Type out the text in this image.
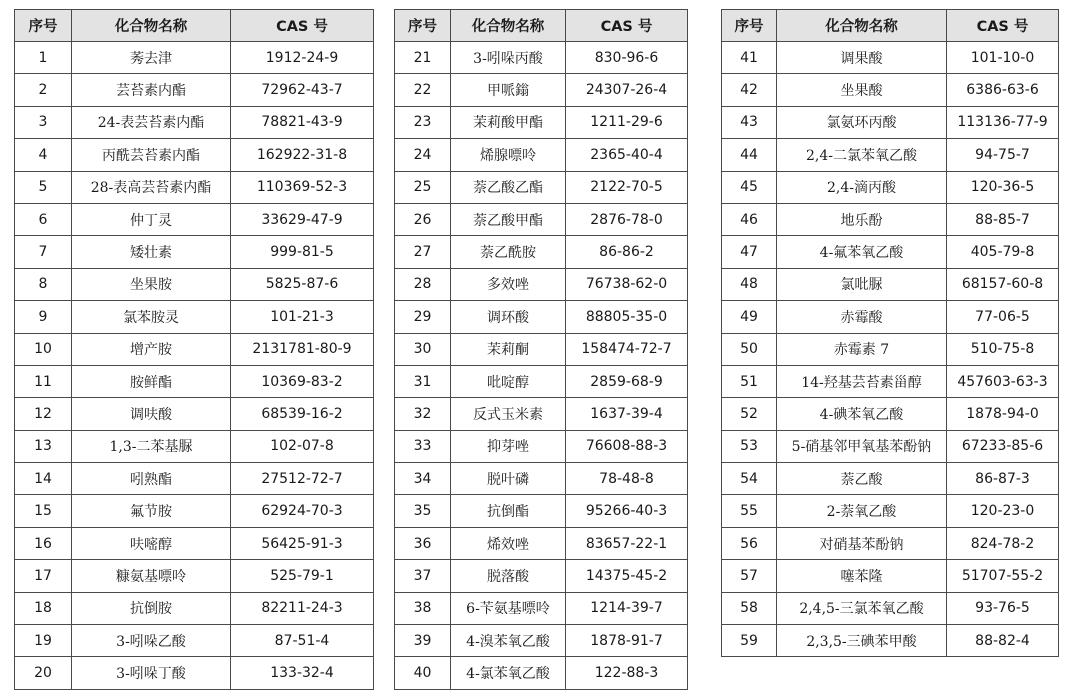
序号	化合物名称	CAS 号
1	莠去津	1912-24-9
2	芸苔素内酯	72962-43-7
3	24-表芸苔素内酯	78821-43-9
4	丙酰芸苔素内酯	162922-31-8
5	28-表高芸苔素内酯	110369-52-3
6	仲丁灵	33629-47-9
7	矮壮素	999-81-5
8	坐果胺	5825-87-6
9	氯苯胺灵	101-21-3
10	增产胺	2131781-80-9
11	胺鲜酯	10369-83-2
12	调呋酸	68539-16-2
13	1,3-二苯基脲	102-07-8
14	吲熟酯	27512-72-7
15	氟节胺	62924-70-3
16	呋嘧醇	56425-91-3
17	糠氨基嘌呤	525-79-1
18	抗倒胺	82211-24-3
19	3-吲哚乙酸	87-51-4
20	3-吲哚丁酸	133-32-4
序号	化合物名称	CAS 号
21	3-吲哚丙酸	830-96-6
22	甲哌鎓	24307-26-4
23	茉莉酸甲酯	1211-29-6
24	烯腺嘌呤	2365-40-4
25	萘乙酸乙酯	2122-70-5
26	萘乙酸甲酯	2876-78-0
27	萘乙酰胺	86-86-2
28	多效唑	76738-62-0
29	调环酸	88805-35-0
30	茉莉酮	158474-72-7
31	吡啶醇	2859-68-9
32	反式玉米素	1637-39-4
33	抑芽唑	76608-88-3
34	脱叶磷	78-48-8
35	抗倒酯	95266-40-3
36	烯效唑	83657-22-1
37	脱落酸	14375-45-2
38	6-苄氨基嘌呤	1214-39-7
39	4-溴苯氧乙酸	1878-91-7
40	4-氯苯氧乙酸	122-88-3
序号	化合物名称	CAS 号
41	调果酸	101-10-0
42	坐果酸	6386-63-6
43	氯氨环丙酸	113136-77-9
44	2,4-二氯苯氧乙酸	94-75-7
45	2,4-滴丙酸	120-36-5
46	地乐酚	88-85-7
47	4-氟苯氧乙酸	405-79-8
48	氯吡脲	68157-60-8
49	赤霉酸	77-06-5
50	赤霉素 7	510-75-8
51	14-羟基芸苔素甾醇	457603-63-3
52	4-碘苯氧乙酸	1878-94-0
53	5-硝基邻甲氧基苯酚钠	67233-85-6
54	萘乙酸	86-87-3
55	2-萘氧乙酸	120-23-0
56	对硝基苯酚钠	824-78-2
57	噻苯隆	51707-55-2
58	2,4,5-三氯苯氧乙酸	93-76-5
59	2,3,5-三碘苯甲酸	88-82-4
